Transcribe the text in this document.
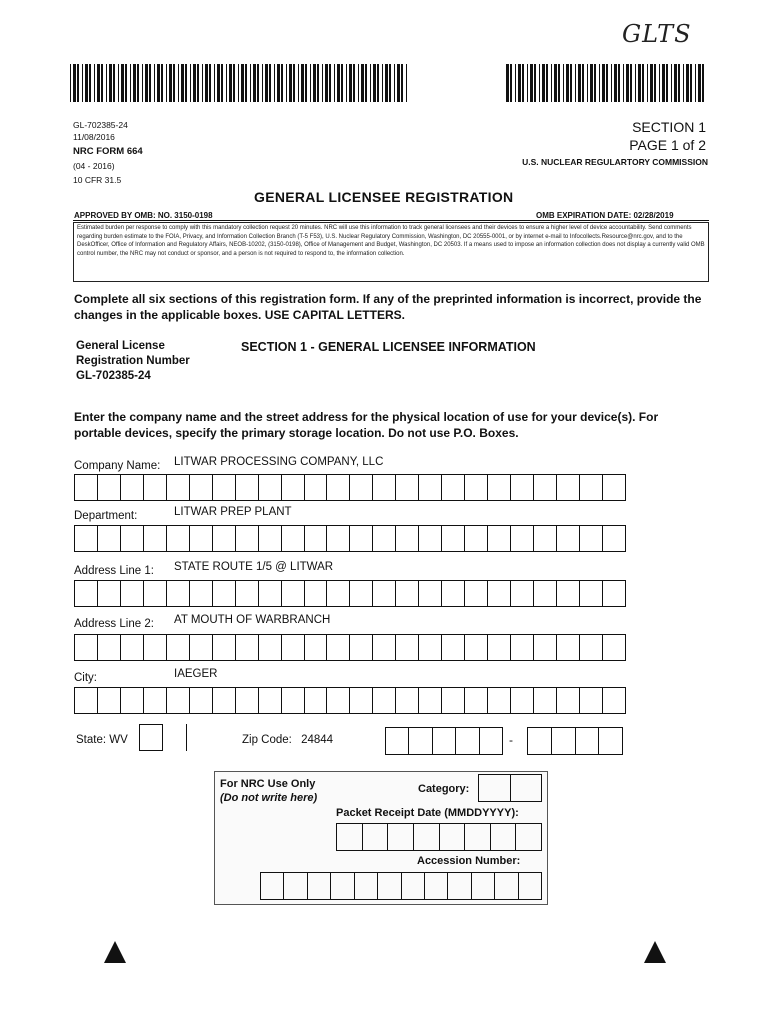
GLTS
GL-702385-24
11/08/2016
NRC FORM 664
(04 - 2016)
10 CFR 31.5
SECTION 1
PAGE 1 of 2
U.S. NUCLEAR REGULARTORY COMMISSION
GENERAL LICENSEE REGISTRATION
APPROVED BY OMB: NO. 3150-0198	OMB EXPIRATION DATE: 02/28/2019
Estimated burden per response to comply with this mandatory collection request 20 minutes. NRC will use this information to track general licensees and their devices to ensure a higher level of device accountability. Send comments regarding burden estimate to the FOIA, Privacy, and Information Collection Branch (T-5 F53), U.S. Nuclear Regulatory Commission, Washington, DC 20555-0001, or by internet e-mail to Infocollects.Resource@nrc.gov, and to the DeskOfficer, Office of Information and Regulatory Affairs, NEOB-10202, (3150-0198), Office of Management and Budget, Washington, DC 20503. If a means used to impose an information collection does not display a currently valid OMB control number, the NRC may not conduct or sponsor, and a person is not required to respond to, the information collection.
Complete all six sections of this registration form. If any of the preprinted information is incorrect, provide the changes in the applicable boxes. USE CAPITAL LETTERS.
General License
Registration Number
GL-702385-24
SECTION 1 - GENERAL LICENSEE INFORMATION
Enter the company name and the street address for the physical location of use for your device(s). For portable devices, specify the primary storage location. Do not use P.O. Boxes.
Company Name: LITWAR PROCESSING COMPANY, LLC
Department:	LITWAR PREP PLANT
Address Line 1: STATE ROUTE 1/5 @ LITWAR
Address Line 2: AT MOUTH OF WARBRANCH
City:	IAEGER
State: WV	Zip Code: 24844	-
For NRC Use Only
(Do not write here)
Category:
Packet Receipt Date (MMDDYYYY):
Accession Number:
